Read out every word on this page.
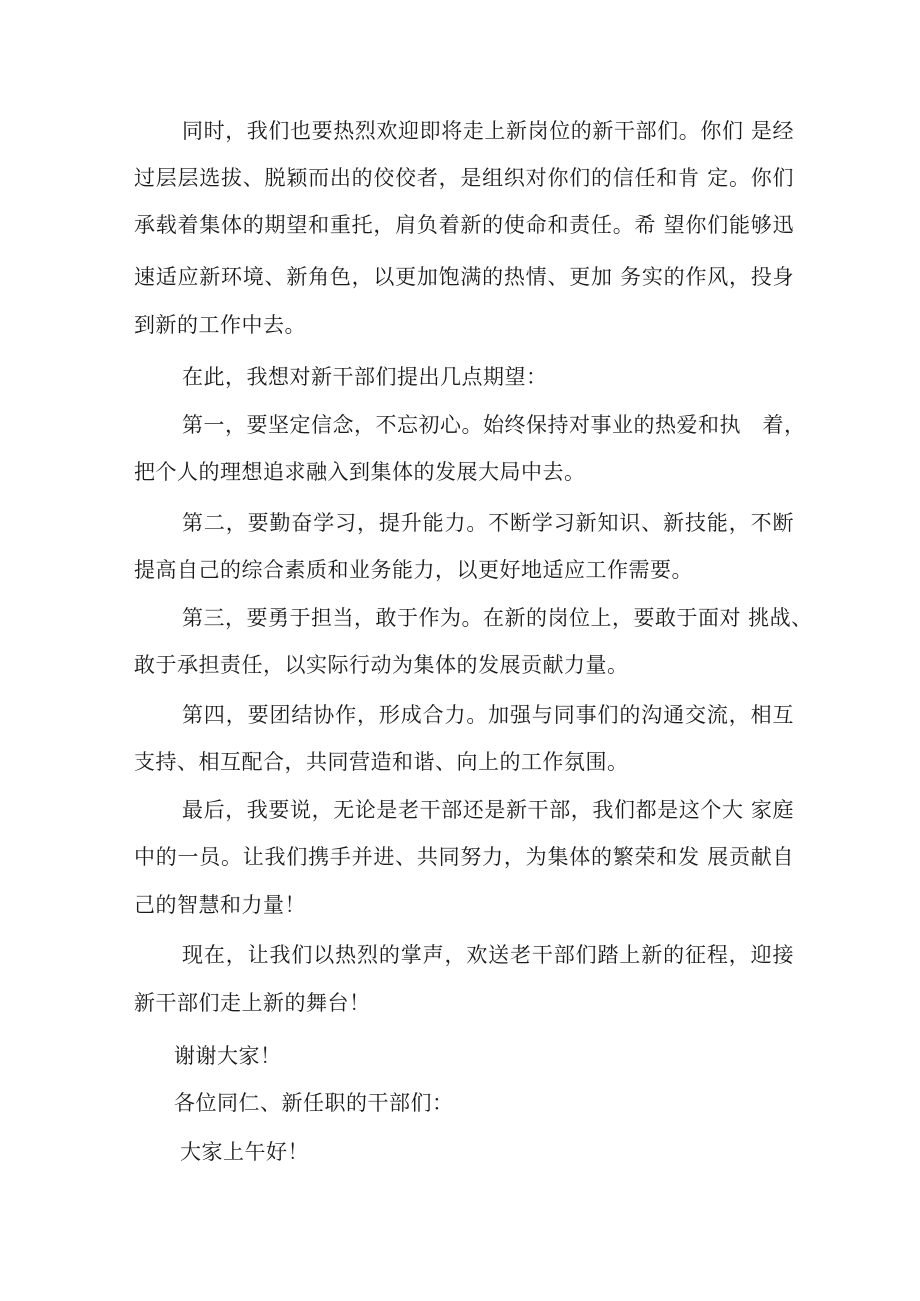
同时，我们也要热烈欢迎即将走上新岗位的新干部们。你们 是经
过层层选拔、脱颖而出的佼佼者，是组织对你们的信任和肯 定。你们
承载着集体的期望和重托，肩负着新的使命和责任。希 望你们能够迅
速适应新环境、新角色，以更加饱满的热情、更加 务实的作风，投身
到新的工作中去。
在此，我想对新干部们提出几点期望：
第一，要坚定信念，不忘初心。始终保持对事业的热爱和执　着，
把个人的理想追求融入到集体的发展大局中去。
第二，要勤奋学习，提升能力。不断学习新知识、新技能，不断
提高自己的综合素质和业务能力，以更好地适应工作需要。
第三，要勇于担当，敢于作为。在新的岗位上，要敢于面对 挑战、
敢于承担责任，以实际行动为集体的发展贡献力量。
第四，要团结协作，形成合力。加强与同事们的沟通交流，相互
支持、相互配合，共同营造和谐、向上的工作氛围。
最后，我要说，无论是老干部还是新干部，我们都是这个大 家庭
中的一员。让我们携手并进、共同努力，为集体的繁荣和发 展贡献自
己的智慧和力量！
现在，让我们以热烈的掌声，欢送老干部们踏上新的征程，迎接
新干部们走上新的舞台！
谢谢大家！
各位同仁、新任职的干部们：
大家上午好！
